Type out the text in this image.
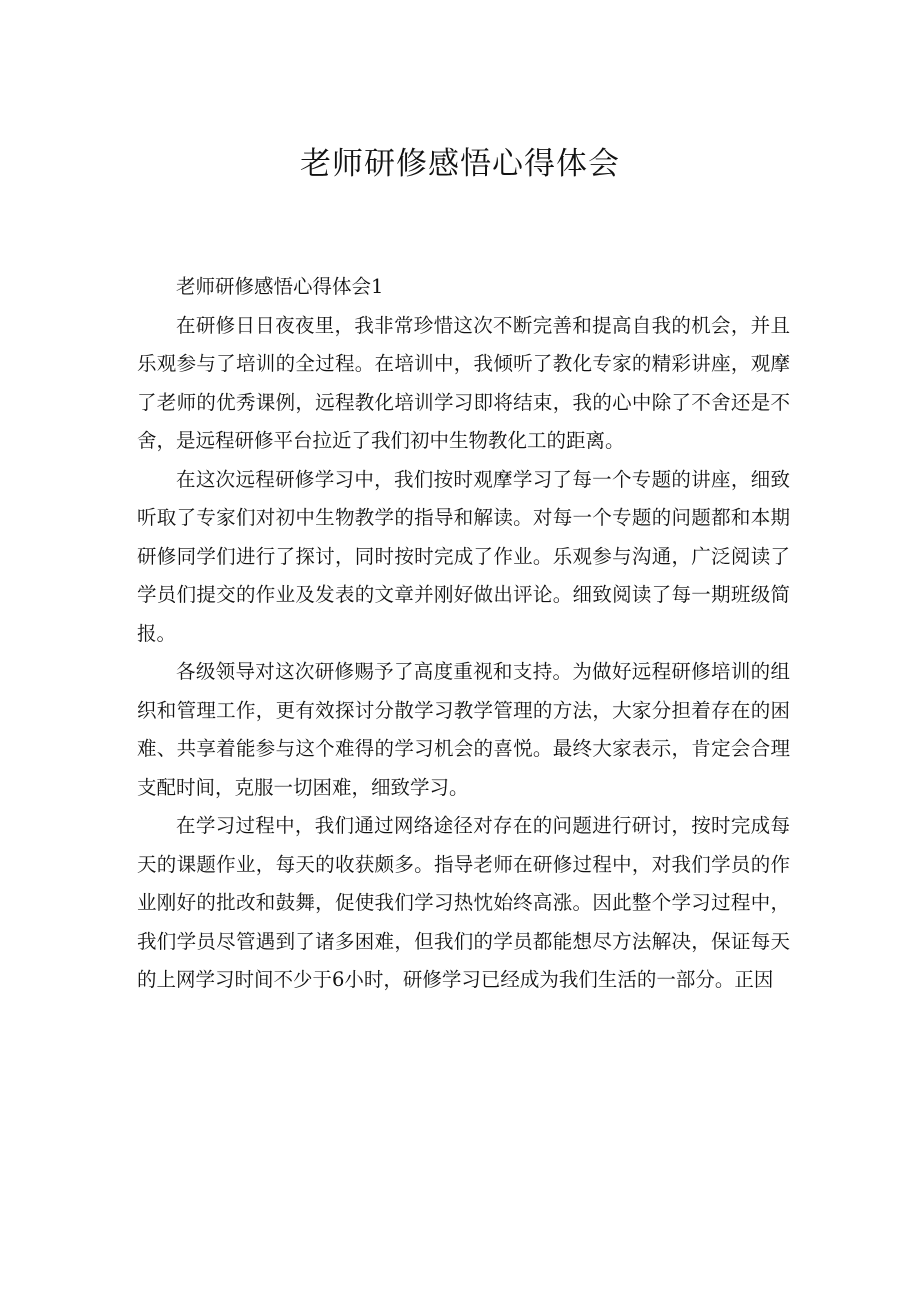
老师研修感悟心得体会

老师研修感悟心得体会1

在研修日日夜夜里，我非常珍惜这次不断完善和提高自我的机会，并且乐观参与了培训的全过程。在培训中，我倾听了教化专家的精彩讲座，观摩了老师的优秀课例，远程教化培训学习即将结束，我的心中除了不舍还是不舍，是远程研修平台拉近了我们初中生物教化工的距离。

在这次远程研修学习中，我们按时观摩学习了每一个专题的讲座，细致听取了专家们对初中生物教学的指导和解读。对每一个专题的问题都和本期研修同学们进行了探讨，同时按时完成了作业。乐观参与沟通，广泛阅读了学员们提交的作业及发表的文章并刚好做出评论。细致阅读了每一期班级简报。

各级领导对这次研修赐予了高度重视和支持。为做好远程研修培训的组织和管理工作，更有效探讨分散学习教学管理的方法，大家分担着存在的困难、共享着能参与这个难得的学习机会的喜悦。最终大家表示，肯定会合理支配时间，克服一切困难，细致学习。

在学习过程中，我们通过网络途径对存在的问题进行研讨，按时完成每天的课题作业，每天的收获颇多。指导老师在研修过程中，对我们学员的作业刚好的批改和鼓舞，促使我们学习热忱始终高涨。因此整个学习过程中，我们学员尽管遇到了诸多困难，但我们的学员都能想尽方法解决，保证每天的上网学习时间不少于6小时，研修学习已经成为我们生活的一部分。正因
